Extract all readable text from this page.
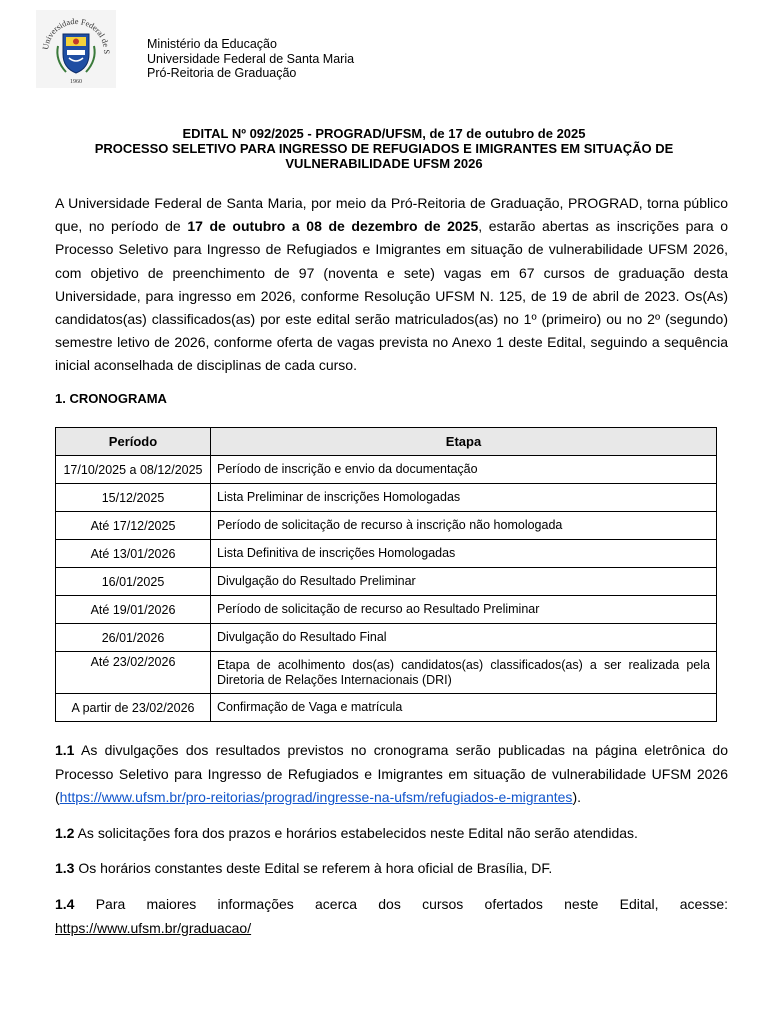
Universidade Federal de S
1960
Ministério da Educação
Universidade Federal de Santa Maria
Pró-Reitoria de Graduação
EDITAL Nº 092/2025 - PROGRAD/UFSM, de 17 de outubro de 2025
PROCESSO SELETIVO PARA INGRESSO DE REFUGIADOS E IMIGRANTES EM SITUAÇÃO DE
VULNERABILIDADE UFSM 2026
A Universidade Federal de Santa Maria, por meio da Pró-Reitoria de Graduação, PROGRAD, torna público que, no período de 17 de outubro a 08 de dezembro de 2025, estarão abertas as inscrições para o Processo Seletivo para Ingresso de Refugiados e Imigrantes em situação de vulnerabilidade UFSM 2026, com objetivo de preenchimento de 97 (noventa e sete) vagas em 67 cursos de graduação desta Universidade, para ingresso em 2026, conforme Resolução UFSM N. 125, de 19 de abril de 2023. Os(As) candidatos(as) classificados(as) por este edital serão matriculados(as) no 1º (primeiro) ou no 2º (segundo) semestre letivo de 2026, conforme oferta de vagas prevista no Anexo 1 deste Edital, seguindo a sequência inicial aconselhada de disciplinas de cada curso.
1. CRONOGRAMA
Período	Etapa
17/10/2025 a 08/12/2025	Período de inscrição e envio da documentação
15/12/2025	Lista Preliminar de inscrições Homologadas
Até 17/12/2025	Período de solicitação de recurso à inscrição não homologada
Até 13/01/2026	Lista Definitiva de inscrições Homologadas
16/01/2025	Divulgação do Resultado Preliminar
Até 19/01/2026	Período de solicitação de recurso ao Resultado Preliminar
26/01/2026	Divulgação do Resultado Final
Até 23/02/2026	Etapa de acolhimento dos(as) candidatos(as) classificados(as) a ser realizada pela Diretoria de Relações Internacionais (DRI)
A partir de 23/02/2026	Confirmação de Vaga e matrícula
1.1 As divulgações dos resultados previstos no cronograma serão publicadas na página eletrônica do Processo Seletivo para Ingresso de Refugiados e Imigrantes em situação de vulnerabilidade UFSM 2026 (https://www.ufsm.br/pro-reitorias/prograd/ingresse-na-ufsm/refugiados-e-migrantes).
1.2 As solicitações fora dos prazos e horários estabelecidos neste Edital não serão atendidas.
1.3 Os horários constantes deste Edital se referem à hora oficial de Brasília, DF.
1.4 Para maiores informações acerca dos cursos ofertados neste Edital, acesse:
https://www.ufsm.br/graduacao/
